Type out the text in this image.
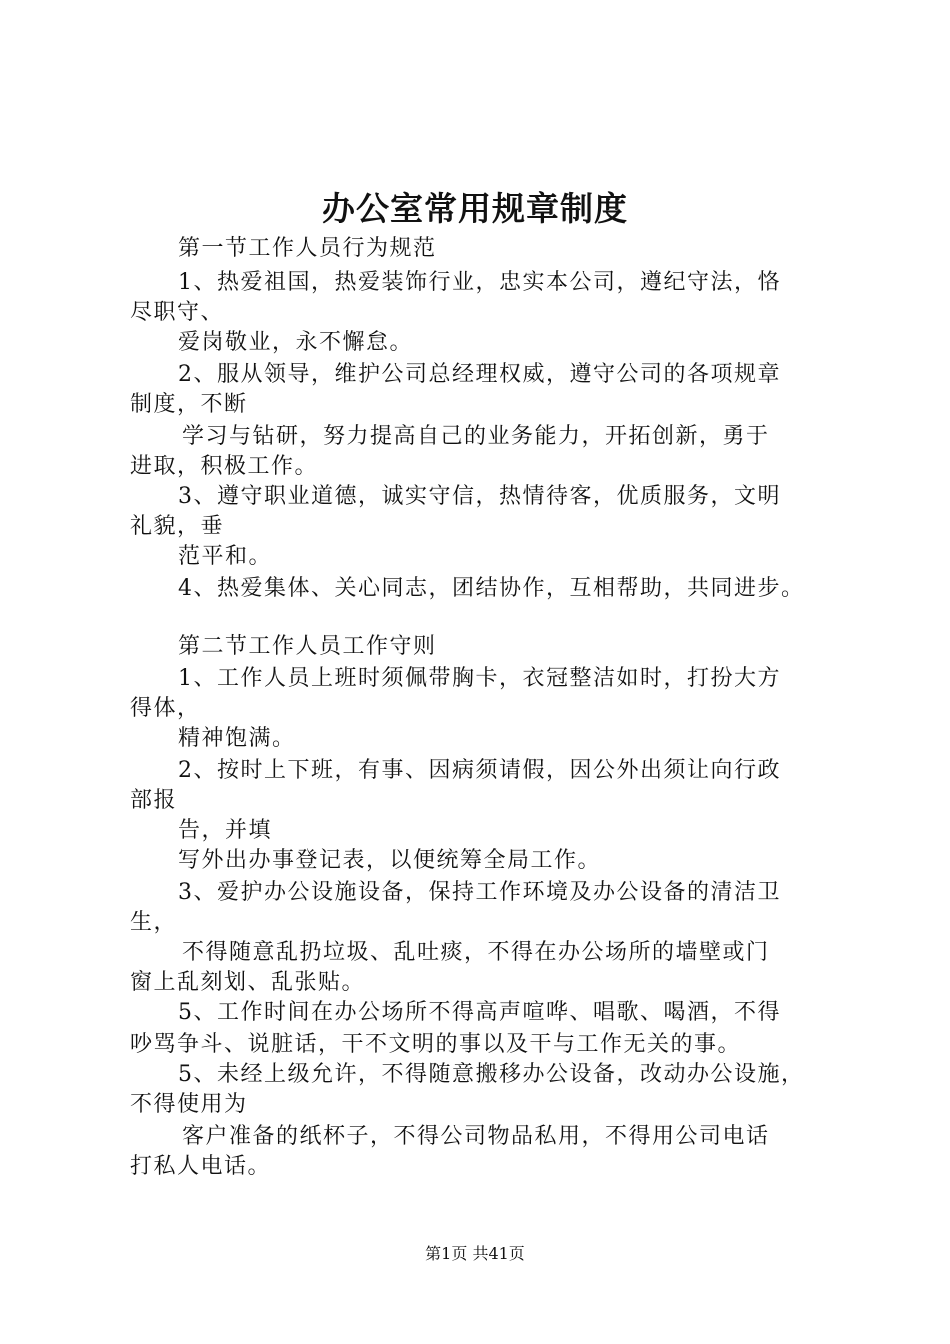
办公室常用规章制度
第一节工作人员行为规范
1、热爱祖国，热爱装饰行业，忠实本公司，遵纪守法，恪
尽职守、
爱岗敬业，永不懈怠。
2、服从领导，维护公司总经理权威，遵守公司的各项规章
制度，不断
学习与钻研，努力提高自己的业务能力，开拓创新，勇于
进取，积极工作。
3、遵守职业道德，诚实守信，热情待客，优质服务，文明
礼貌，垂
范平和。
4、热爱集体、关心同志，团结协作，互相帮助，共同进步。
第二节工作人员工作守则
1、工作人员上班时须佩带胸卡，衣冠整洁如时，打扮大方
得体，
精神饱满。
2、按时上下班，有事、因病须请假，因公外出须让向行政
部报
告，并填
写外出办事登记表，以便统筹全局工作。
3、爱护办公设施设备，保持工作环境及办公设备的清洁卫
生，
不得随意乱扔垃圾、乱吐痰，不得在办公场所的墙壁或门
窗上乱刻划、乱张贴。
5、工作时间在办公场所不得高声喧哗、唱歌、喝酒，不得
吵骂争斗、说脏话，干不文明的事以及干与工作无关的事。
5、未经上级允许，不得随意搬移办公设备，改动办公设施，
不得使用为
客户准备的纸杯子，不得公司物品私用，不得用公司电话
打私人电话。
第1页 共41页
